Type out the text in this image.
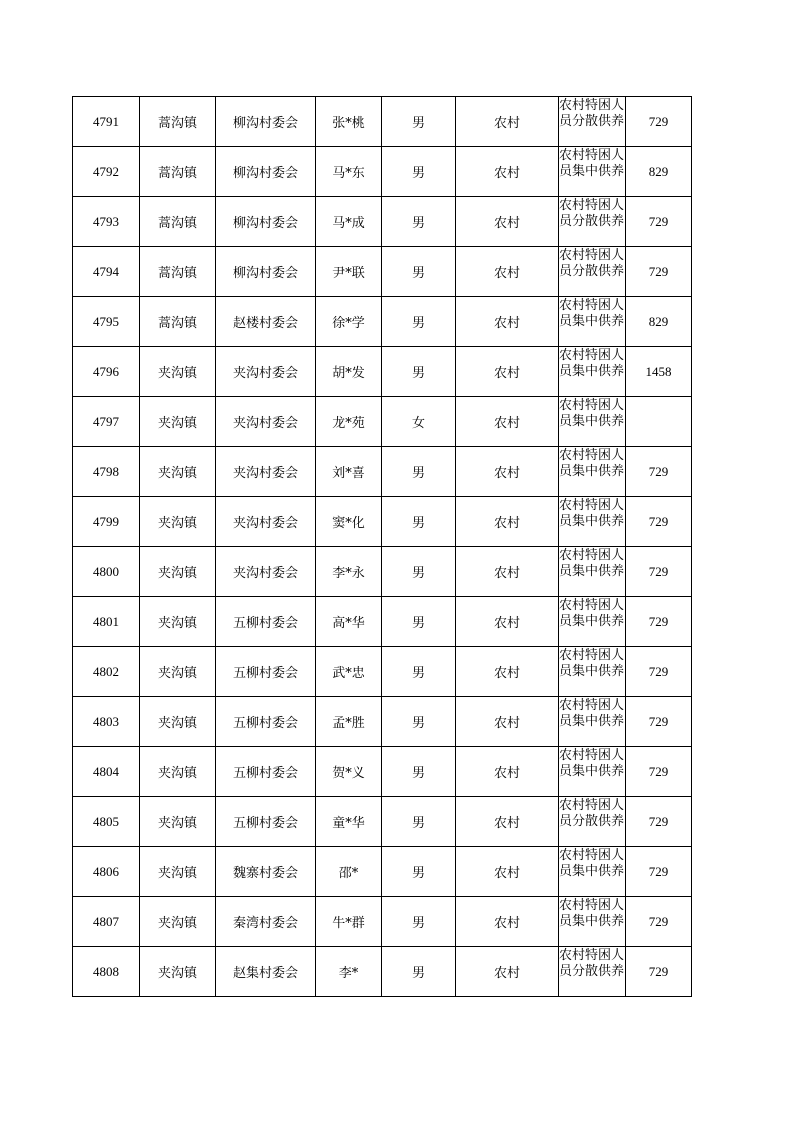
4791	蒿沟镇	柳沟村委会	张*桃	男	农村	农村特困人员分散供养	729
4792	蒿沟镇	柳沟村委会	马*东	男	农村	农村特困人员集中供养	829
4793	蒿沟镇	柳沟村委会	马*成	男	农村	农村特困人员分散供养	729
4794	蒿沟镇	柳沟村委会	尹*联	男	农村	农村特困人员分散供养	729
4795	蒿沟镇	赵楼村委会	徐*学	男	农村	农村特困人员集中供养	829
4796	夹沟镇	夹沟村委会	胡*发	男	农村	农村特困人员集中供养	1458
4797	夹沟镇	夹沟村委会	龙*苑	女	农村	农村特困人员集中供养	

4798	夹沟镇	夹沟村委会	刘*喜	男	农村	农村特困人员集中供养	729
4799	夹沟镇	夹沟村委会	窦*化	男	农村	农村特困人员集中供养	729
4800	夹沟镇	夹沟村委会	李*永	男	农村	农村特困人员集中供养	729
4801	夹沟镇	五柳村委会	高*华	男	农村	农村特困人员集中供养	729
4802	夹沟镇	五柳村委会	武*忠	男	农村	农村特困人员集中供养	729
4803	夹沟镇	五柳村委会	孟*胜	男	农村	农村特困人员集中供养	729
4804	夹沟镇	五柳村委会	贺*义	男	农村	农村特困人员集中供养	729
4805	夹沟镇	五柳村委会	童*华	男	农村	农村特困人员分散供养	729
4806	夹沟镇	魏寨村委会	邵*	男	农村	农村特困人员集中供养	729
4807	夹沟镇	秦湾村委会	牛*群	男	农村	农村特困人员集中供养	729
4808	夹沟镇	赵集村委会	李*	男	农村	农村特困人员分散供养	729
